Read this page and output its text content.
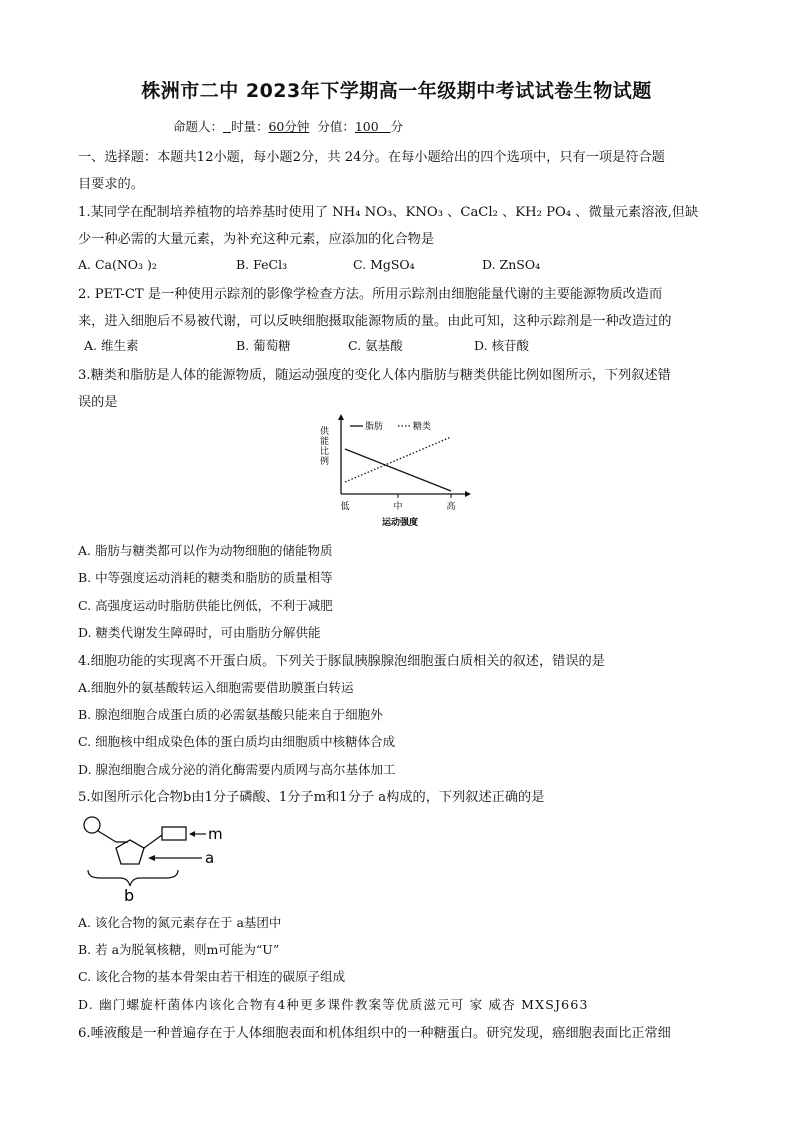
株洲市二中 2023年下学期高一年级期中考试试卷生物试题
命题人： 时量：60分钟 分值：100 分
一、选择题：本题共12小题，每小题2分，共 24分。在每小题给出的四个选项中，只有一项是符合题
目要求的。
1.某同学在配制培养植物的培养基时使用了 NH₄ NO₃、KNO₃ 、CaCl₂ 、KH₂ PO₄ 、微量元素溶液,但缺
少一种必需的大量元素，为补充这种元素，应添加的化合物是
A. Ca(NO₃ )₂	B. FeCl₃	C. MgSO₄	D. ZnSO₄
2. PET-CT 是一种使用示踪剂的影像学检查方法。所用示踪剂由细胞能量代谢的主要能源物质改造而
来，进入细胞后不易被代谢，可以反映细胞摄取能源物质的量。由此可知，这种示踪剂是一种改造过的
A. 维生素	B. 葡萄糖	C. 氨基酸	D. 核苷酸
3.糖类和脂肪是人体的能源物质，随运动强度的变化人体内脂肪与糖类供能比例如图所示，下列叙述错
误的是
供能比例	脂肪	糖类
低	中	高
运动强度
A. 脂肪与糖类都可以作为动物细胞的储能物质
B. 中等强度运动消耗的糖类和脂肪的质量相等
C. 高强度运动时脂肪供能比例低，不利于减肥
D. 糖类代谢发生障碍时，可由脂肪分解供能
4.细胞功能的实现离不开蛋白质。下列关于豚鼠胰腺腺泡细胞蛋白质相关的叙述，错误的是
A.细胞外的氨基酸转运入细胞需要借助膜蛋白转运
B. 腺泡细胞合成蛋白质的必需氨基酸只能来自于细胞外
C. 细胞核中组成染色体的蛋白质均由细胞质中核糖体合成
D. 腺泡细胞合成分泌的消化酶需要内质网与高尔基体加工
5.如图所示化合物b由1分子磷酸、1分子m和1分子 a构成的，下列叙述正确的是
m
a
b
A. 该化合物的氮元素存在于 a基团中
B. 若 a为脱氧核糖，则m可能为“U”
C. 该化合物的基本骨架由若干相连的碳原子组成
D. 幽门螺旋杆菌体内该化合物有4种更多课件教案等优质滋元可 家 威杏 MXSJ663
6.唾液酸是一种普遍存在于人体细胞表面和机体组织中的一种糖蛋白。研究发现，癌细胞表面比正常细
